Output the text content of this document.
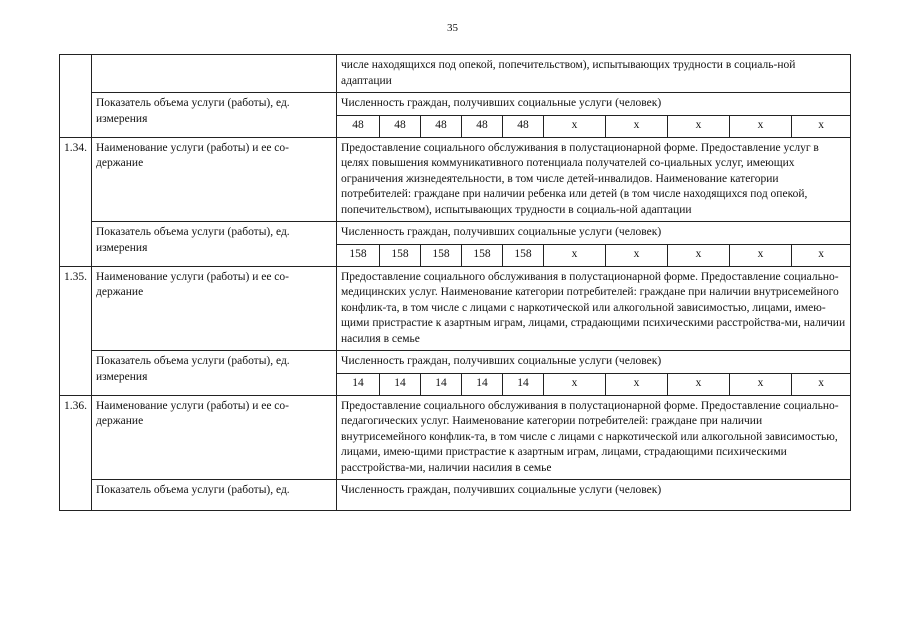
35
		числе находящихся под опекой, попечительством), испытывающих трудности в социаль-ной адаптации									
	Показатель объема услуги (работы), ед. измерения	Численность граждан, получивших социальные услуги (человек)									
		48	48	48	48	48	x	x	x	x	x
1.34.	Наименование услуги (работы) и ее со-держание	Предоставление социального обслуживания в полустационарной форме. Предоставление услуг в целях повышения коммуникативного потенциала получателей со-циальных услуг, имеющих ограничения жизнедеятельности, в том числе детей-инвалидов. Наименование категории потребителей: граждане при наличии ребенка или детей (в том числе находящихся под опекой, попечительством), испытывающих трудности в социаль-ной адаптации									
	Показатель объема услуги (работы), ед. измерения	Численность граждан, получивших социальные услуги (человек)									
		158	158	158	158	158	x	x	x	x	x
1.35.	Наименование услуги (работы) и ее со-держание	Предоставление социального обслуживания в полустационарной форме. Предоставление социально-медицинских услуг. Наименование категории потребителей: граждане при наличии внутрисемейного конфлик-та, в том числе с лицами с наркотической или алкогольной зависимостью, лицами, имею-щими пристрастие к азартным играм, лицами, страдающими психическими расстройства-ми, наличии насилия в семье									
	Показатель объема услуги (работы), ед. измерения	Численность граждан, получивших социальные услуги (человек)									
		14	14	14	14	14	x	x	x	x	x
1.36.	Наименование услуги (работы) и ее со-держание	Предоставление социального обслуживания в полустационарной форме. Предоставление социально-педагогических услуг. Наименование категории потребителей: граждане при наличии внутрисемейного конфлик-та, в том числе с лицами с наркотической или алкогольной зависимостью, лицами, имею-щими пристрастие к азартным играм, лицами, страдающими психическими расстройства-ми, наличии насилия в семье									
	Показатель объема услуги (работы), ед.	Численность граждан, получивших социальные услуги (человек)									
